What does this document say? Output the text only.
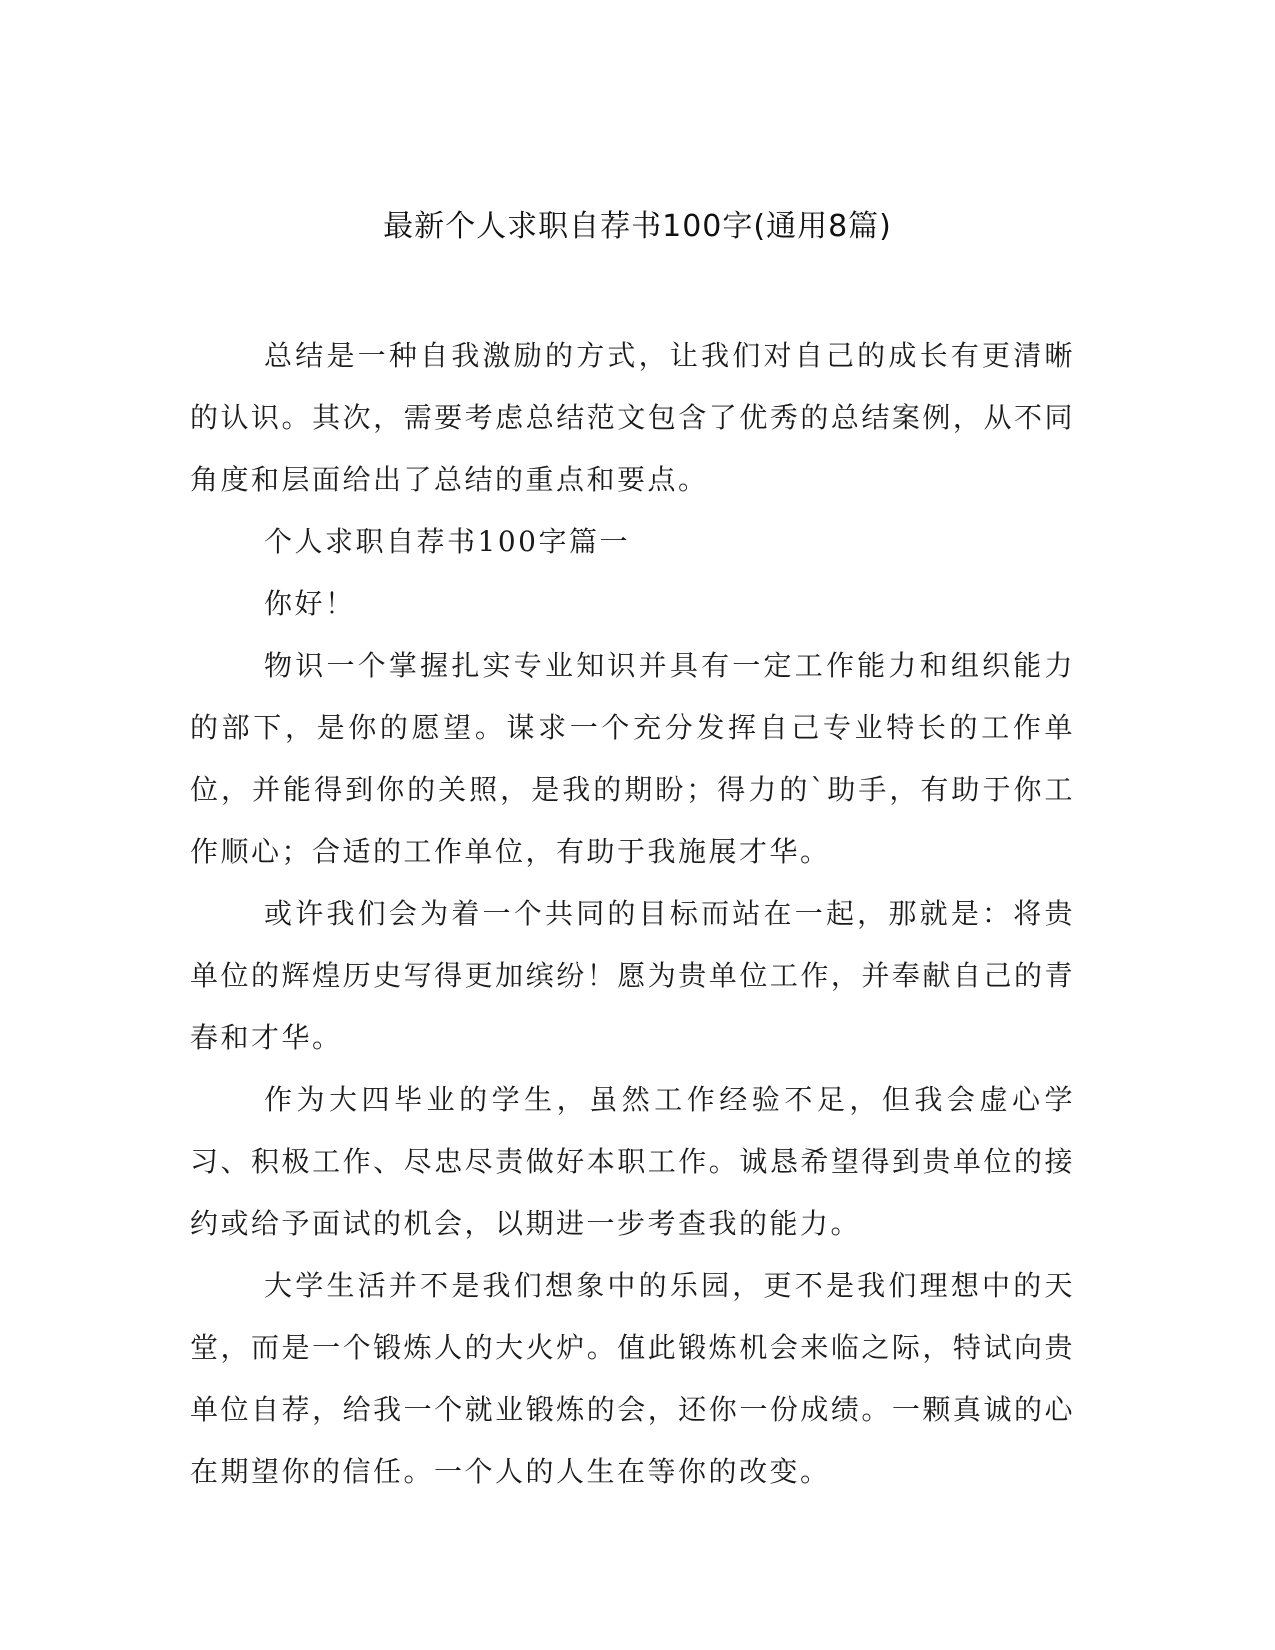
最新个人求职自荐书100字(通用8篇)

总结是一种自我激励的方式，让我们对自己的成长有更清晰的认识。其次，需要考虑总结范文包含了优秀的总结案例，从不同角度和层面给出了总结的重点和要点。

个人求职自荐书100字篇一

你好！

物识一个掌握扎实专业知识并具有一定工作能力和组织能力的部下，是你的愿望。谋求一个充分发挥自己专业特长的工作单位，并能得到你的关照，是我的期盼；得力的`助手，有助于你工作顺心；合适的工作单位，有助于我施展才华。

或许我们会为着一个共同的目标而站在一起，那就是：将贵单位的辉煌历史写得更加缤纷！愿为贵单位工作，并奉献自己的青春和才华。

作为大四毕业的学生，虽然工作经验不足，但我会虚心学习、积极工作、尽忠尽责做好本职工作。诚恳希望得到贵单位的接约或给予面试的机会，以期进一步考查我的能力。

大学生活并不是我们想象中的乐园，更不是我们理想中的天堂，而是一个锻炼人的大火炉。值此锻炼机会来临之际，特试向贵单位自荐，给我一个就业锻炼的会，还你一份成绩。一颗真诚的心在期望你的信任。一个人的人生在等你的改变。
